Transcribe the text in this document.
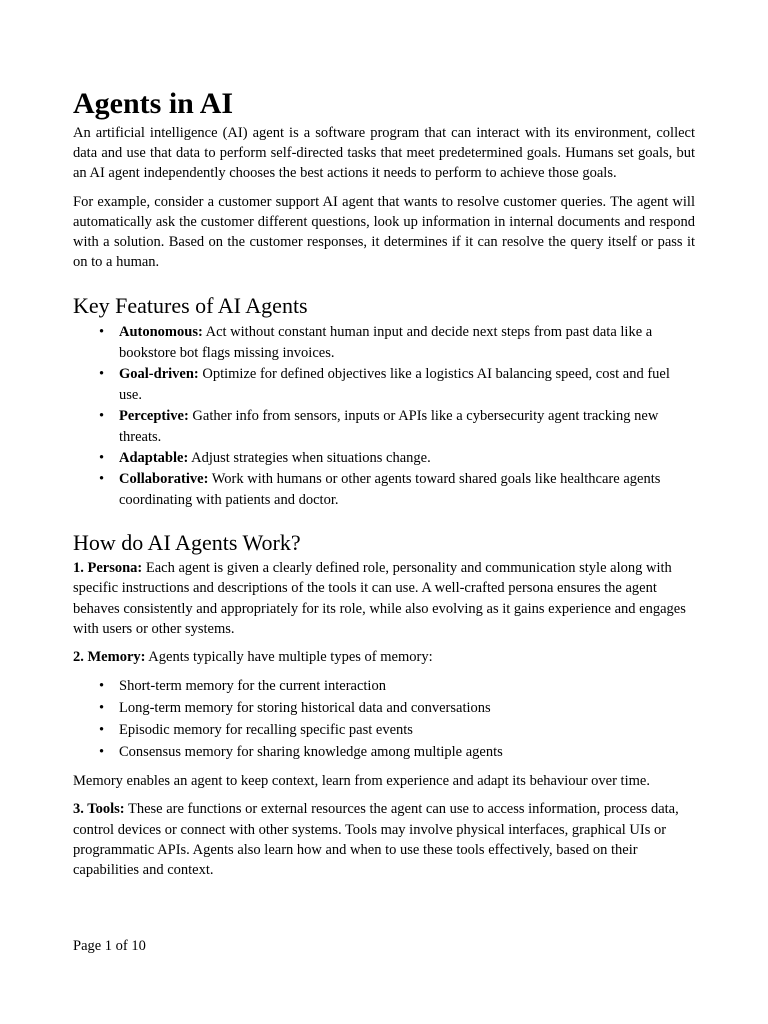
Agents in AI

An artificial intelligence (AI) agent is a software program that can interact with its environment, collect data and use that data to perform self-directed tasks that meet predetermined goals. Humans set goals, but an AI agent independently chooses the best actions it needs to perform to achieve those goals.

For example, consider a customer support AI agent that wants to resolve customer queries. The agent will automatically ask the customer different questions, look up information in internal documents and respond with a solution. Based on the customer responses, it determines if it can resolve the query itself or pass it on to a human.

Key Features of AI Agents
• Autonomous: Act without constant human input and decide next steps from past data like a bookstore bot flags missing invoices.
• Goal-driven: Optimize for defined objectives like a logistics AI balancing speed, cost and fuel use.
• Perceptive: Gather info from sensors, inputs or APIs like a cybersecurity agent tracking new threats.
• Adaptable: Adjust strategies when situations change.
• Collaborative: Work with humans or other agents toward shared goals like healthcare agents coordinating with patients and doctor.
How do AI Agents Work?

1. Persona: Each agent is given a clearly defined role, personality and communication style along with specific instructions and descriptions of the tools it can use. A well-crafted persona ensures the agent behaves consistently and appropriately for its role, while also evolving as it gains experience and engages with users or other systems.

2. Memory: Agents typically have multiple types of memory:

• Short-term memory for the current interaction
• Long-term memory for storing historical data and conversations
• Episodic memory for recalling specific past events
• Consensus memory for sharing knowledge among multiple agents

Memory enables an agent to keep context, learn from experience and adapt its behaviour over time.

3. Tools: These are functions or external resources the agent can use to access information, process data, control devices or connect with other systems. Tools may involve physical interfaces, graphical UIs or programmatic APIs. Agents also learn how and when to use these tools effectively, based on their capabilities and context.

Page 1 of 10
